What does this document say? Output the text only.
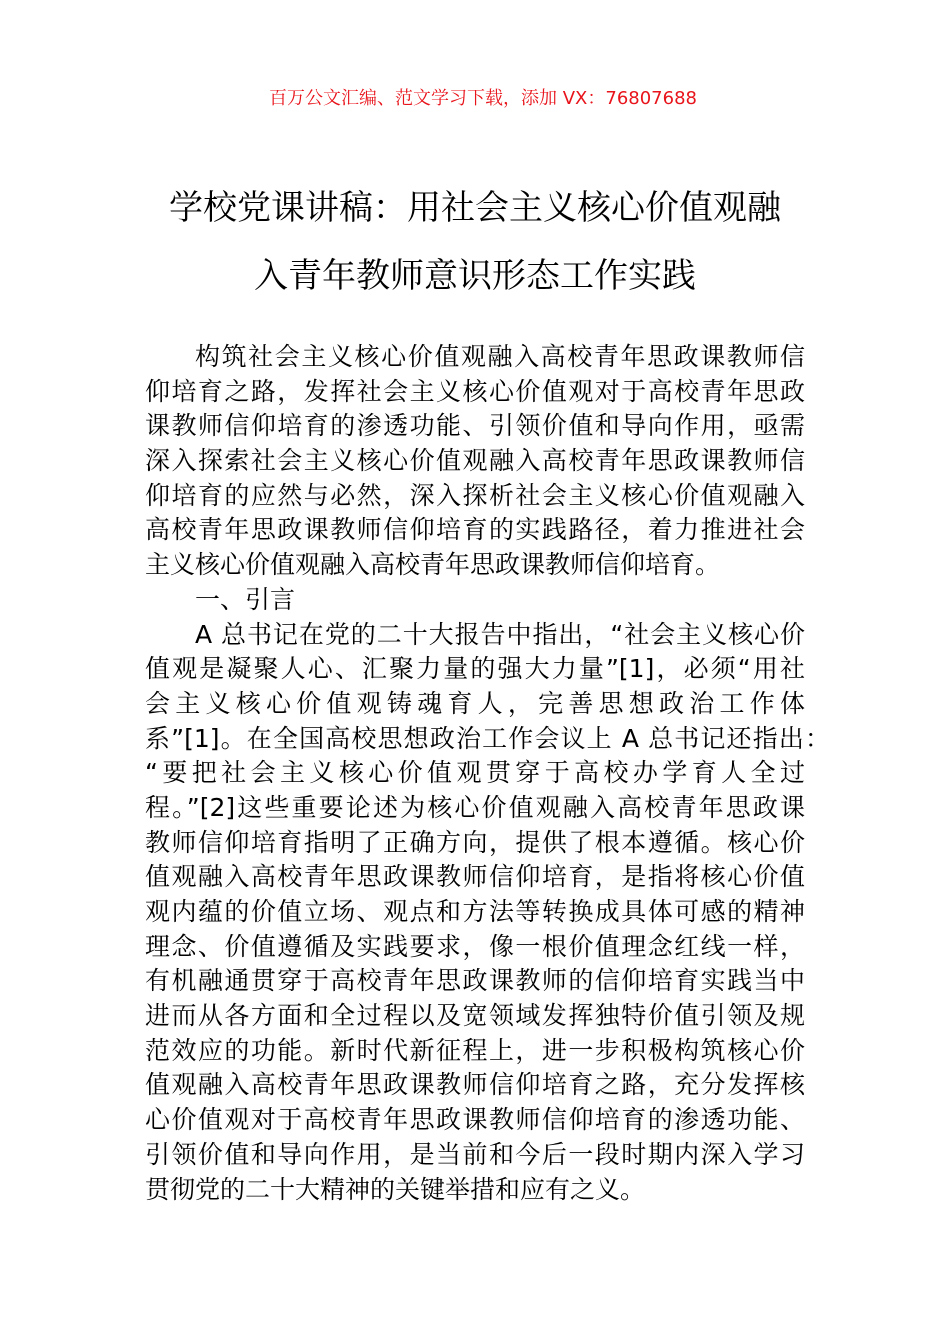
百万公文汇编、范文学习下载，添加 VX：76807688
学校党课讲稿：用社会主义核心价值观融
入青年教师意识形态工作实践
构筑社会主义核心价值观融入高校青年思政课教师信
仰培育之路，发挥社会主义核心价值观对于高校青年思政
课教师信仰培育的渗透功能、引领价值和导向作用，亟需
深入探索社会主义核心价值观融入高校青年思政课教师信
仰培育的应然与必然，深入探析社会主义核心价值观融入
高校青年思政课教师信仰培育的实践路径，着力推进社会
主义核心价值观融入高校青年思政课教师信仰培育。
一、引言
A 总书记在党的二十大报告中指出，“社会主义核心价
值观是凝聚人心、汇聚力量的强大力量”[1]，必须“用社
会主义核心价值观铸魂育人，完善思想政治工作体
系”[1]。在全国高校思想政治工作会议上 A 总书记还指出：
“要把社会主义核心价值观贯穿于高校办学育人全过
程。”[2]这些重要论述为核心价值观融入高校青年思政课
教师信仰培育指明了正确方向，提供了根本遵循。核心价
值观融入高校青年思政课教师信仰培育，是指将核心价值
观内蕴的价值立场、观点和方法等转换成具体可感的精神
理念、价值遵循及实践要求，像一根价值理念红线一样，
有机融通贯穿于高校青年思政课教师的信仰培育实践当中
进而从各方面和全过程以及宽领域发挥独特价值引领及规
范效应的功能。新时代新征程上，进一步积极构筑核心价
值观融入高校青年思政课教师信仰培育之路，充分发挥核
心价值观对于高校青年思政课教师信仰培育的渗透功能、
引领价值和导向作用，是当前和今后一段时期内深入学习
贯彻党的二十大精神的关键举措和应有之义。
